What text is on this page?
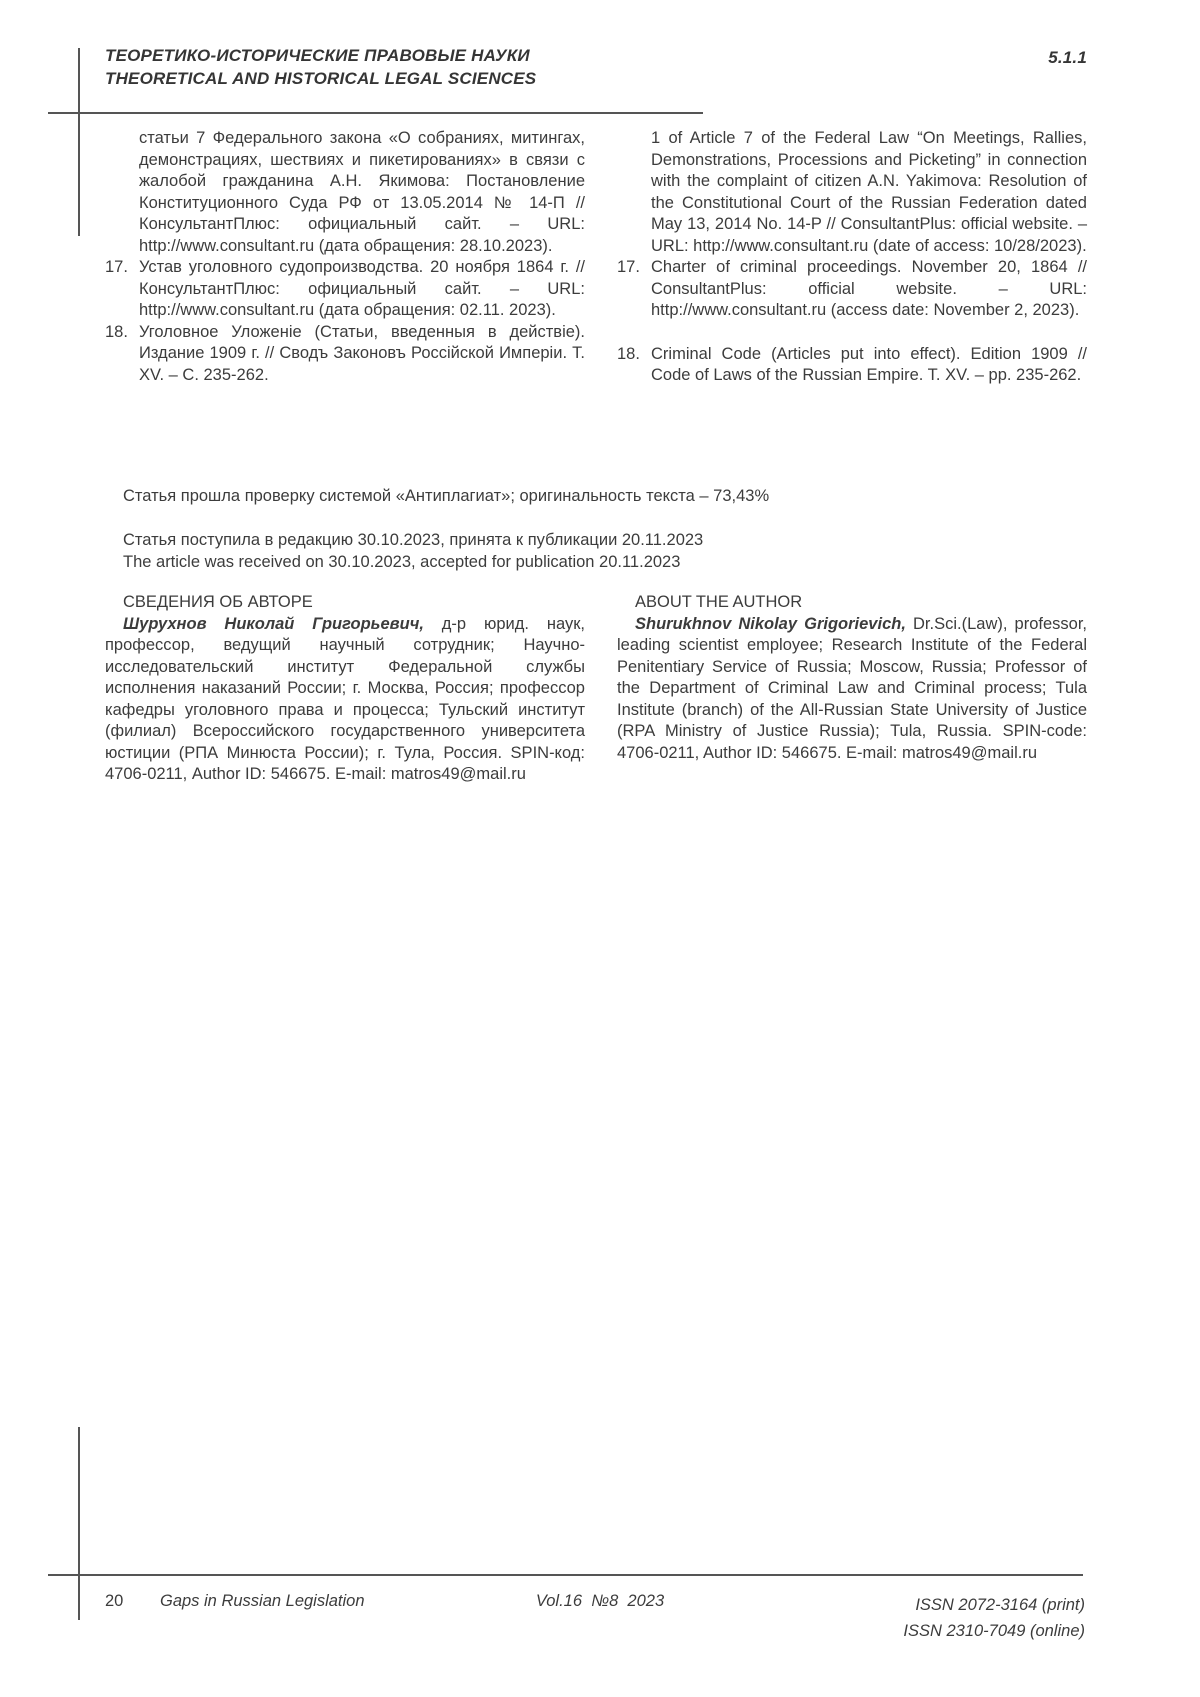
ТЕОРЕТИКО-ИСТОРИЧЕСКИЕ ПРАВОВЫЕ НАУКИ
THEORETICAL AND HISTORICAL LEGAL SCIENCES
5.1.1
статьи 7 Федерального закона «О собраниях, митингах, демонстрациях, шествиях и пикетированиях» в связи с жалобой гражданина А.Н. Якимова: Постановление Конституционного Суда РФ от 13.05.2014 № 14-П // КонсультантПлюс: официальный сайт. – URL: http://www.consultant.ru (дата обращения: 28.10.2023).
17. Устав уголовного судопроизводства. 20 ноября 1864 г. // КонсультантПлюс: официальный сайт. – URL: http://www.consultant.ru (дата обращения: 02.11. 2023).
18. Уголовное Уложеніе (Статьи, введенныя в действіе). Издание 1909 г. // Сводъ Законовъ Россійской Имперіи. Т. XV. – С. 235-262.
1 of Article 7 of the Federal Law “On Meetings, Rallies, Demonstrations, Processions and Picketing” in connection with the complaint of citizen A.N. Yakimova: Resolution of the Constitutional Court of the Russian Federation dated May 13, 2014 No. 14-P // ConsultantPlus: official website. – URL: http://www.consultant.ru (date of access: 10/28/2023).
17. Charter of criminal proceedings. November 20, 1864 // ConsultantPlus: official website. – URL: http://www.consultant.ru (access date: November 2, 2023).
18. Criminal Code (Articles put into effect). Edition 1909 // Code of Laws of the Russian Empire. T. XV. – pp. 235-262.

Статья прошла проверку системой «Антиплагиат»; оригинальность текста – 73,43%

Статья поступила в редакцию 30.10.2023, принята к публикации 20.11.2023

The article was received on 30.10.2023, accepted for publication 20.11.2023

СВЕДЕНИЯ ОБ АВТОРЕ

Шурухнов Николай Григорьевич, д-р юрид. наук, профессор, ведущий научный сотрудник; Научно-исследовательский институт Федеральной службы исполнения наказаний России; г. Москва, Россия; профессор кафедры уголовного права и процесса; Тульский институт (филиал) Всероссийского государственного университета юстиции (РПА Минюста России); г. Тула, Россия. SPIN-код: 4706-0211, Author ID: 546675. E-mail: matros49@mail.ru

ABOUT THE AUTHOR

Shurukhnov Nikolay Grigorievich, Dr.Sci.(Law), professor, leading scientist employee; Research Institute of the Federal Penitentiary Service of Russia; Moscow, Russia; Professor of the Department of Criminal Law and Criminal process; Tula Institute (branch) of the All-Russian State University of Justice (RPA Ministry of Justice Russia); Tula, Russia. SPIN-code: 4706-0211, Author ID: 546675. E-mail: matros49@mail.ru

20 Gaps in Russian Legislation	Vol.16  №8  2023	ISSN 2072-3164 (print)
ISSN 2310-7049 (online)
